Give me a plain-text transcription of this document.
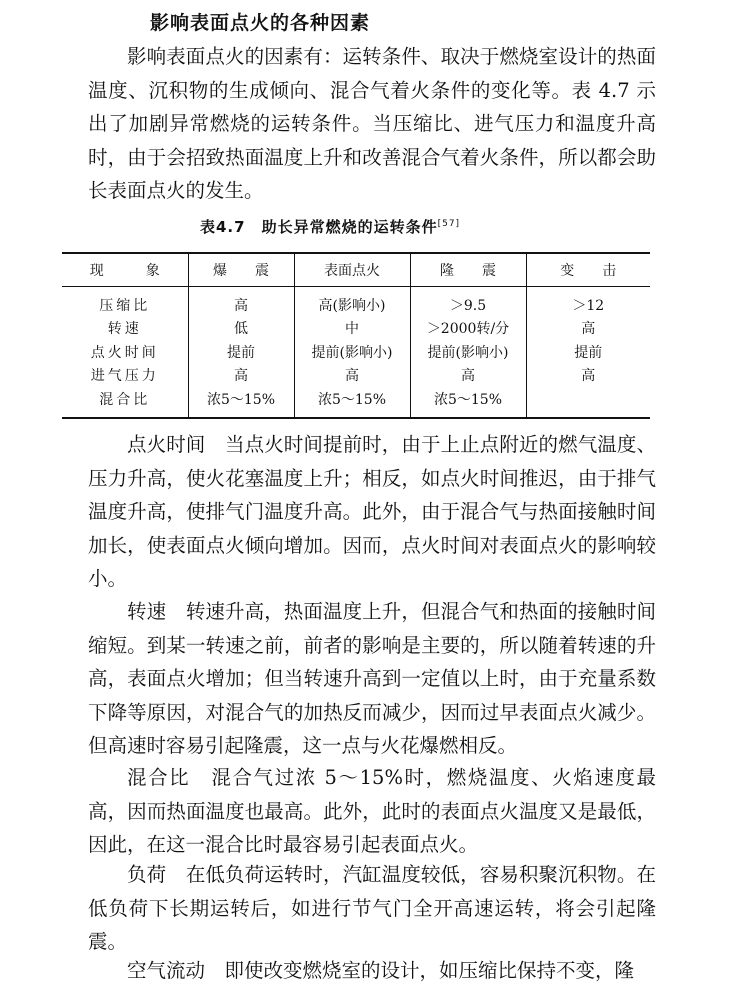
影响表面点火的各种因素

影响表面点火的因素有：运转条件、取决于燃烧室设计的热面温度、沉积物的生成倾向、混合气着火条件的变化等。表 4.7 示出了加剧异常燃烧的运转条件。当压缩比、进气压力和温度升高时，由于会招致热面温度上升和改善混合气着火条件，所以都会助长表面点火的发生。

表4.7　助长异常燃烧的运转条件[57]
现　　　象	爆　　震	表面点火	隆　　震	变　　击
压缩比	高	高(影响小)	＞9.5	＞12
转速	低	中	＞2000转/分	高
点火时间	提前	提前(影响小)	提前(影响小)	提前
进气压力	高	高	高	高
混合比	浓5～15%	浓5～15%	浓5～15%	

点火时间　 当点火时间提前时，由于上止点附近的燃气温度、压力升高，使火花塞温度上升；相反，如点火时间推迟，由于排气温度升高，使排气门温度升高。此外，由于混合气与热面接触时间加长，使表面点火倾向增加。因而，点火时间对表面点火的影响较小。

转速　 转速升高，热面温度上升，但混合气和热面的接触时间缩短。到某一转速之前，前者的影响是主要的，所以随着转速的升高，表面点火增加；但当转速升高到一定值以上时，由于充量系数下降等原因，对混合气的加热反而减少，因而过早表面点火减少。但高速时容易引起隆震，这一点与火花爆燃相反。

混合比　 混合气过浓 5～15%时，燃烧温度、火焰速度最高，因而热面温度也最高。此外，此时的表面点火温度又是最低，因此，在这一混合比时最容易引起表面点火。

负荷　 在低负荷运转时，汽缸温度较低，容易积聚沉积物。在低负荷下长期运转后，如进行节气门全开高速运转，将会引起隆震。

空气流动　 即使改变燃烧室的设计，如压缩比保持不变，隆
